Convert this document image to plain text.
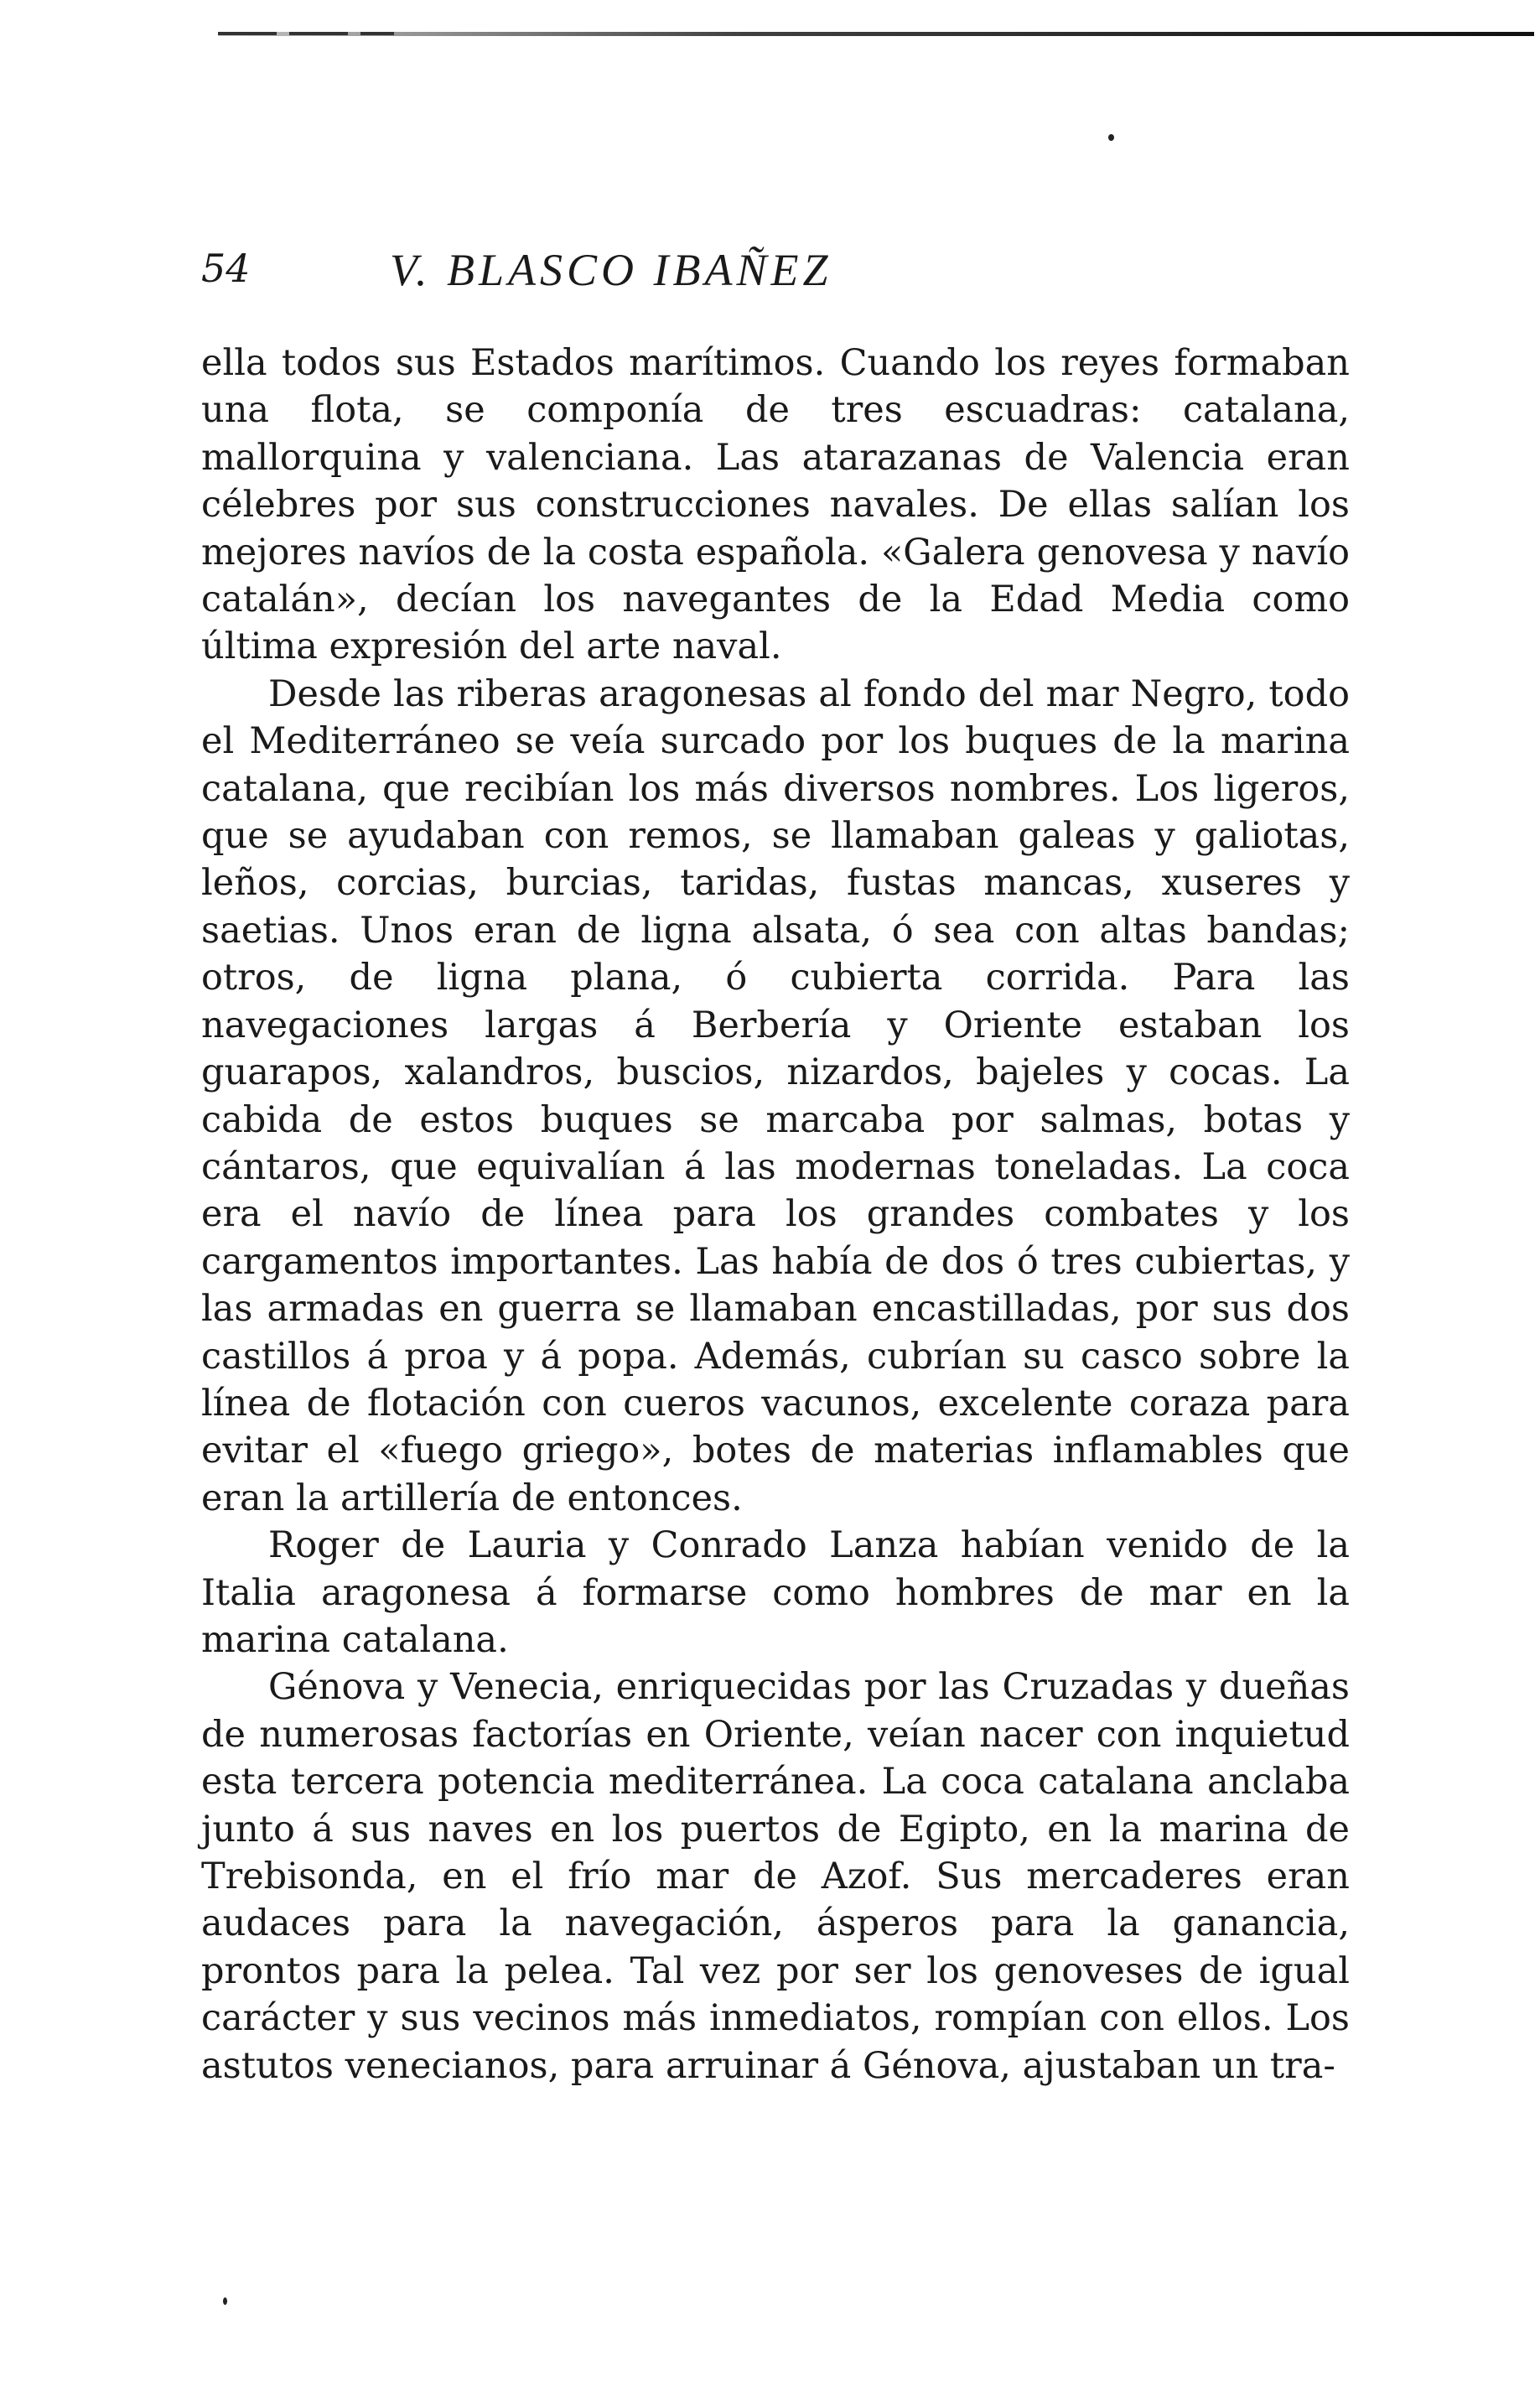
54	V. BLASCO IBAÑEZ

ella todos sus Estados marítimos. Cuando los reyes formaban una flota, se componía de tres escuadras: catalana, mallorquina y valenciana. Las atarazanas de Valencia eran célebres por sus construcciones navales. De ellas salían los mejores navíos de la costa española. «Galera genovesa y navío catalán», decían los navegantes de la Edad Media como última expresión del arte naval.

Desde las riberas aragonesas al fondo del mar Negro, todo el Mediterráneo se veía surcado por los buques de la marina catalana, que recibían los más diversos nombres. Los ligeros, que se ayudaban con remos, se llamaban galeas y galiotas, leños, corcias, burcias, taridas, fustas mancas, xuseres y saetias. Unos eran de ligna alsata, ó sea con altas bandas; otros, de ligna plana, ó cubierta corrida. Para las navegaciones largas á Berbería y Oriente estaban los guarapos, xalandros, buscios, nizardos, bajeles y cocas. La cabida de estos buques se marcaba por salmas, botas y cántaros, que equivalían á las modernas toneladas. La coca era el navío de línea para los grandes combates y los cargamentos importantes. Las había de dos ó tres cubiertas, y las armadas en guerra se llamaban encastilladas, por sus dos castillos á proa y á popa. Además, cubrían su casco sobre la línea de flotación con cueros vacunos, excelente coraza para evitar el «fuego griego», botes de materias inflamables que eran la artillería de entonces.

Roger de Lauria y Conrado Lanza habían venido de la Italia aragonesa á formarse como hombres de mar en la marina catalana.

Génova y Venecia, enriquecidas por las Cruzadas y dueñas de numerosas factorías en Oriente, veían nacer con inquietud esta tercera potencia mediterránea. La coca catalana anclaba junto á sus naves en los puertos de Egipto, en la marina de Trebisonda, en el frío mar de Azof. Sus mercaderes eran audaces para la navegación, ásperos para la ganancia, prontos para la pelea. Tal vez por ser los genoveses de igual carácter y sus vecinos más inmediatos, rompían con ellos. Los astutos venecianos, para arruinar á Génova, ajustaban un tra-
